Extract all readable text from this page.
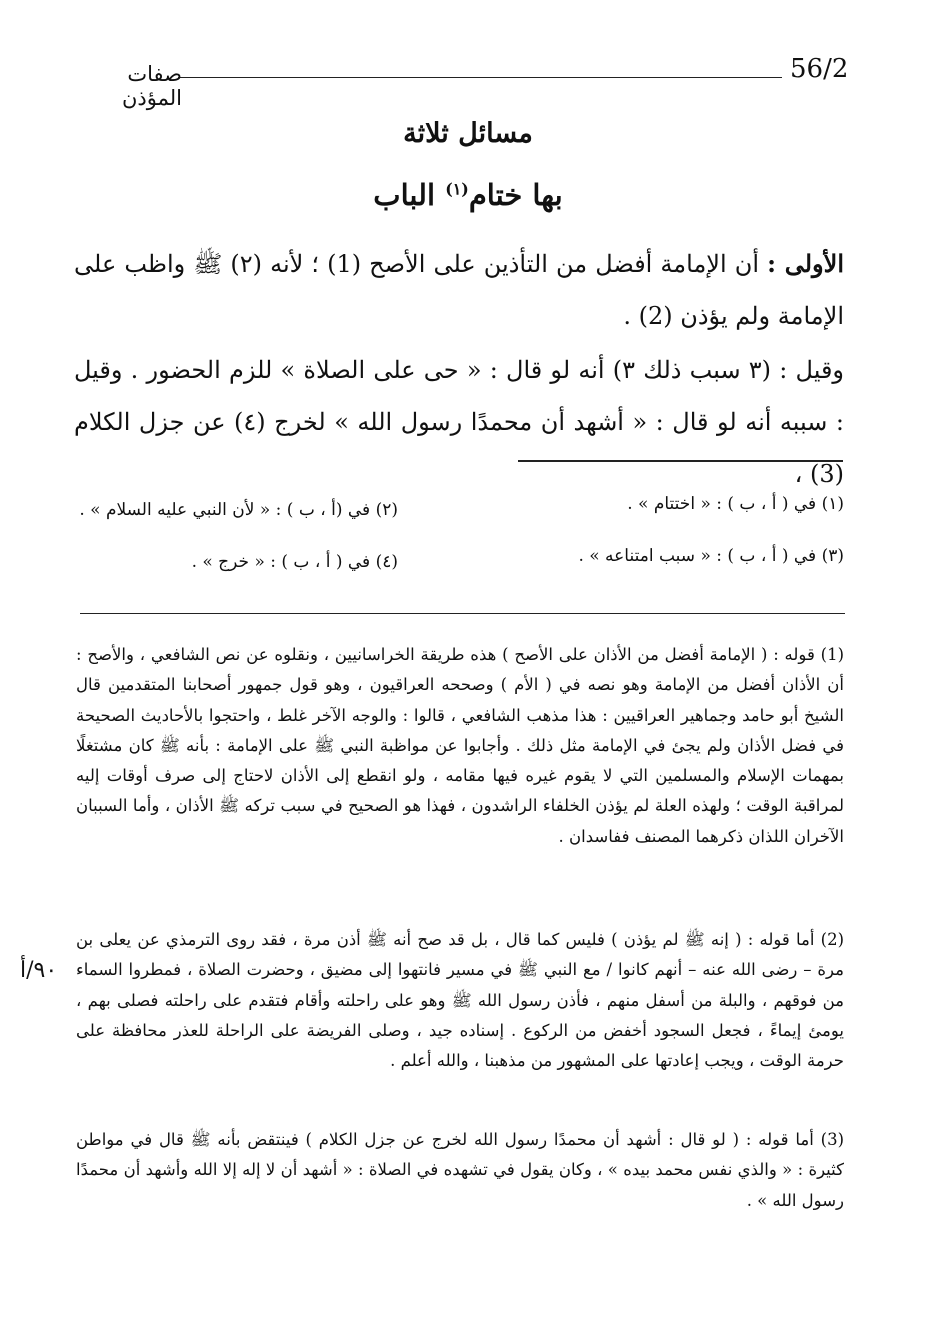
56/2
صفات المؤذن
مسائل ثلاثة
بها ختام$^{(١)}$ الباب
الأولى : أن الإمامة أفضل من التأذين على الأصح (1) ؛ لأنه (٢) ﷺ واظب على الإمامة ولم يؤذن (2) .
وقيل : (٣ سبب ذلك ٣) أنه لو قال : « حى على الصلاة » للزم الحضور . وقيل : سببه أنه لو قال : « أشهد أن محمدًا رسول الله » لخرج (٤) عن جزل الكلام (3) ،
(١) في ( أ ، ب ) : « اختتام » .
(٢) في (أ ، ب ) : « لأن النبي عليه السلام » .
(٣) في ( أ ، ب ) : « سبب امتناعه » .
(٤) في ( أ ، ب ) : « خرج » .
(1) قوله : ( الإمامة أفضل من الأذان على الأصح ) هذه طريقة الخراسانيين ، ونقلوه عن نص الشافعي ، والأصح : أن الأذان أفضل من الإمامة وهو نصه في ( الأم ) وصححه العراقيون ، وهو قول جمهور أصحابنا المتقدمين قال الشيخ أبو حامد وجماهير العراقيين : هذا مذهب الشافعي ، قالوا : والوجه الآخر غلط ، واحتجوا بالأحاديث الصحيحة في فضل الأذان ولم يجئ في الإمامة مثل ذلك . وأجابوا عن مواظبة النبي ﷺ على الإمامة : بأنه ﷺ كان مشتغلًا بمهمات الإسلام والمسلمين التي لا يقوم غيره فيها مقامه ، ولو انقطع إلى الأذان لاحتاج إلى صرف أوقات إليه لمراقبة الوقت ؛ ولهذه العلة لم يؤذن الخلفاء الراشدون ، فهذا هو الصحيح في سبب تركه ﷺ الأذان ، وأما السببان الآخران اللذان ذكرهما المصنف ففاسدان .
(2) أما قوله : ( إنه ﷺ لم يؤذن ) فليس كما قال ، بل قد صح أنه ﷺ أذن مرة ، فقد روى الترمذي عن يعلى بن مرة – رضى الله عنه – أنهم كانوا / مع النبي ﷺ في مسير فانتهوا إلى مضيق ، وحضرت الصلاة ، فمطروا السماء من فوقهم ، والبلة من أسفل منهم ، فأذن رسول الله ﷺ وهو على راحلته وأقام فتقدم على راحلته فصلى بهم ، يومئ إيماءً ، فجعل السجود أخفض من الركوع . إسناده جيد ، وصلى الفريضة على الراحلة للعذر محافظة على حرمة الوقت ، ويجب إعادتها على المشهور من مذهبنا ، والله أعلم .
(3) أما قوله : ( لو قال : أشهد أن محمدًا رسول الله لخرج عن جزل الكلام ) فينتقض بأنه ﷺ قال في مواطن كثيرة : « والذي نفس محمد بيده » ، وكان يقول في تشهده في الصلاة : « أشهد أن لا إله إلا الله وأشهد أن محمدًا رسول الله » .
٩٠/أ
